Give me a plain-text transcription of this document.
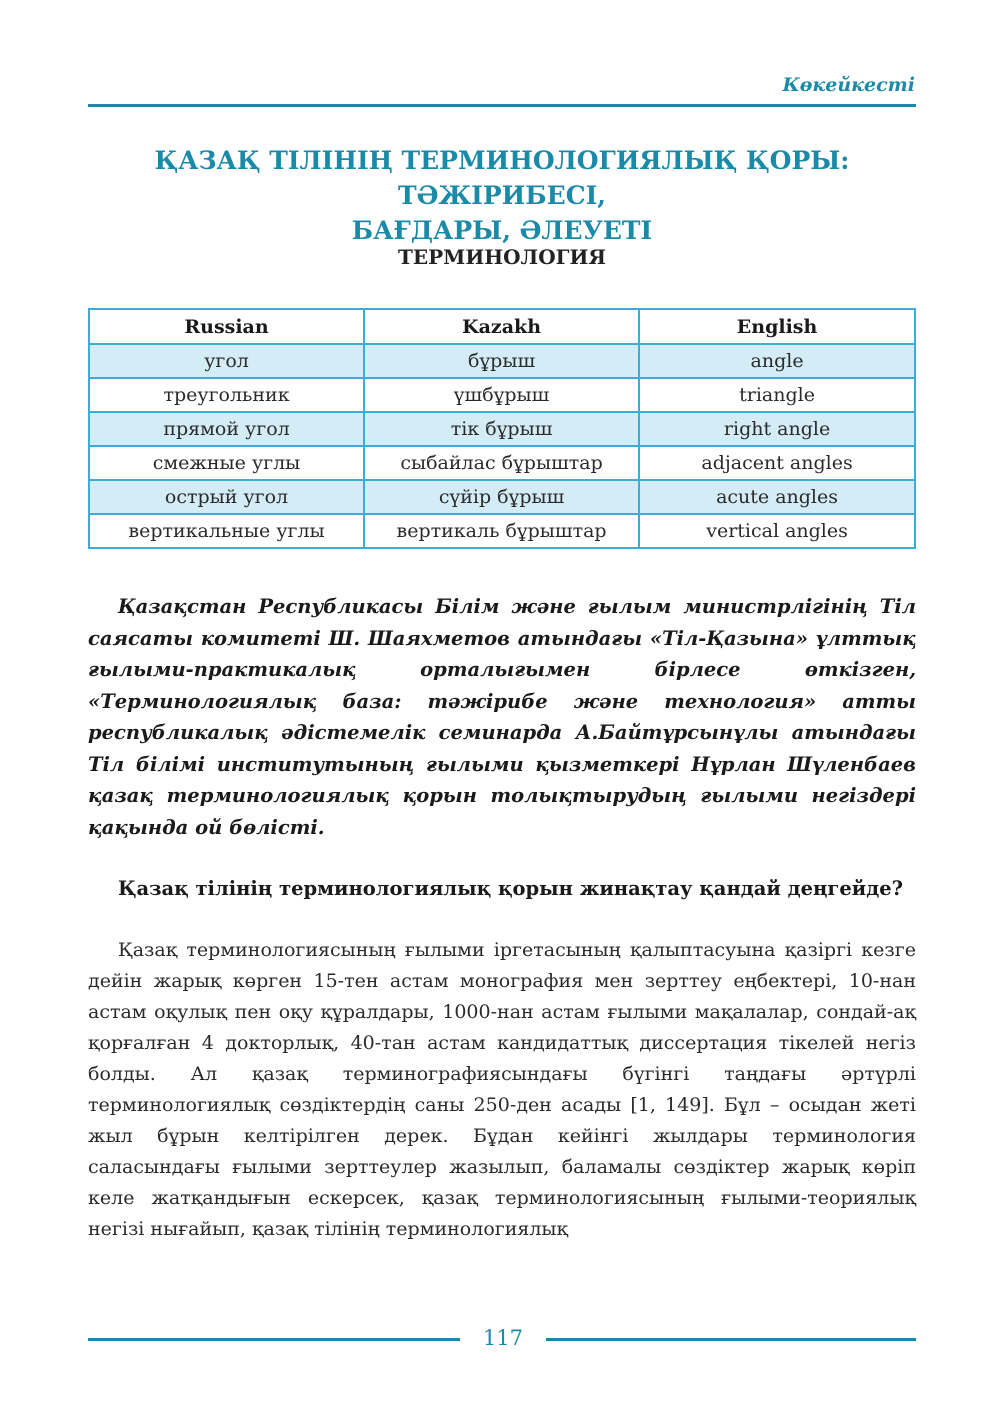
Көкейкесті
ҚАЗАҚ ТІЛІНІҢ ТЕРМИНОЛОГИЯЛЫҚ ҚОРЫ: ТӘЖІРИБЕСІ,
БАҒДАРЫ, ӘЛЕУЕТІ
ТЕРМИНОЛОГИЯ
Russian	Kazakh	English
угол	бұрыш	angle
треугольник	үшбұрыш	triangle
прямой угол	тік бұрыш	right angle
смежные углы	сыбайлас бұрыштар	adjacent angles
острый угол	сүйір бұрыш	acute angles
вертикальные углы	вертикаль бұрыштар	vertical angles

Қазақстан Республикасы Білім және ғылым министрлігінің Тіл саясаты комитеті Ш. Шаяхметов атындағы «Тіл-Қазына» ұлттық ғылыми-практикалық орталығымен бірлесе өткізген, «Терминологиялық база: тәжірибе және технология» атты республикалық әдістемелік семинарда А.Байтұрсынұлы атындағы Тіл білімі институтының ғылыми қызметкері Нұрлан Шүленбаев қазақ терминологиялық қорын толықтырудың ғылыми негіздері қақында ой бөлісті.

Қазақ тілінің терминологиялық қорын жинақтау қандай деңгейде?

Қазақ терминологиясының ғылыми іргетасының қалыптасуына қазіргі кезге дейін жарық көрген 15-тен астам монография мен зерттеу еңбектері, 10-нан астам оқулық пен оқу құралдары, 1000-нан астам ғылыми мақалалар, сондай-ақ қорғалған 4 докторлық, 40-тан астам кандидаттық диссертация тікелей негіз болды. Ал қазақ терминографиясындағы бүгінгі таңдағы әртүрлі терминологиялық сөздіктердің саны 250-ден асады [1, 149]. Бұл – осыдан жеті жыл бұрын келтірілген дерек. Бұдан кейінгі жылдары терминология саласындағы ғылыми зерттеулер жазылып, баламалы сөздіктер жарық көріп келе жатқандығын ескерсек, қазақ терминологиясының ғылыми-теориялық негізі нығайып, қазақ тілінің терминологиялық

117
